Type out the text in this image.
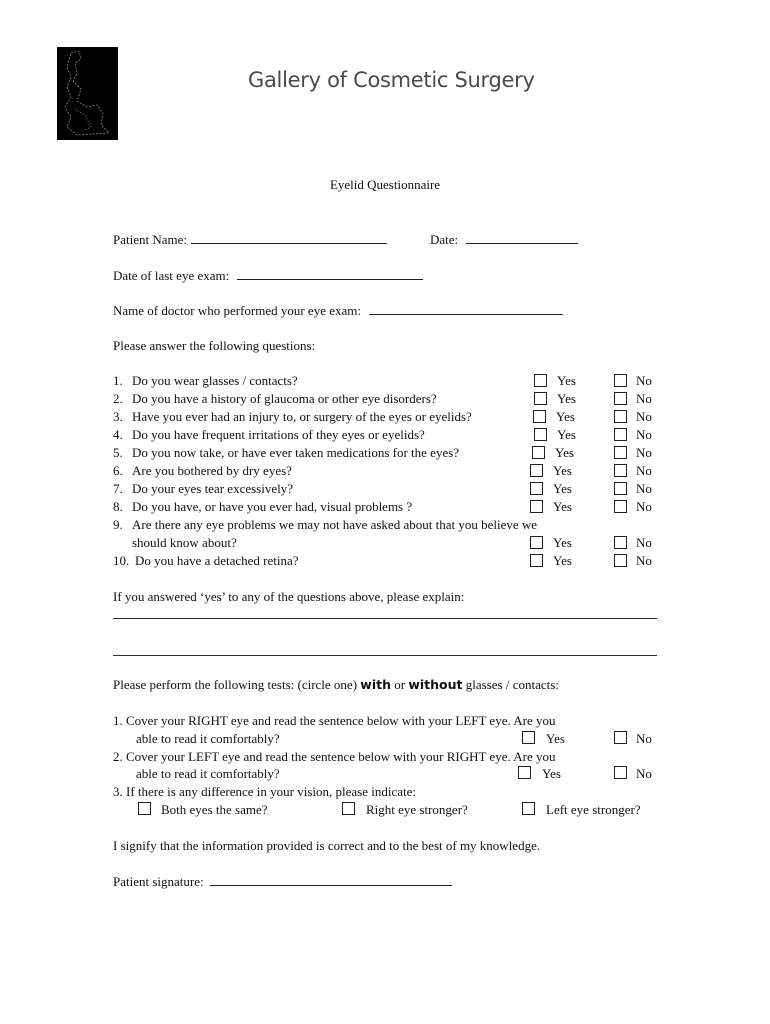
Gallery of Cosmetic Surgery
Eyelid Questionnaire
Patient Name:	Date:
Date of last eye exam:
Name of doctor who performed your eye exam:
Please answer the following questions:
1. Do you wear glasses / contacts?	Yes	No
2. Do you have a history of glaucoma or other eye disorders?	Yes	No
3. Have you ever had an injury to, or surgery of the eyes or eyelids?	Yes	No
4. Do you have frequent irritations of they eyes or eyelids?	Yes	No
5. Do you now take, or have ever taken medications for the eyes?	Yes	No
6. Are you bothered by dry eyes?	Yes	No
7. Do your eyes tear excessively?	Yes	No
8. Do you have, or have you ever had, visual problems ?	Yes	No
9. Are there any eye problems we may not have asked about that you believe we
should know about?	Yes	No
10. Do you have a detached retina?	Yes	No
If you answered ‘yes’ to any of the questions above, please explain:
Please perform the following tests: (circle one) with or without glasses / contacts:
1. Cover your RIGHT eye and read the sentence below with your LEFT eye. Are you
able to read it comfortably?	Yes	No
2. Cover your LEFT eye and read the sentence below with your RIGHT eye. Are you
able to read it comfortably?	Yes	No
3. If there is any difference in your vision, please indicate:
Both eyes the same?	Right eye stronger?	Left eye stronger?
I signify that the information provided is correct and to the best of my knowledge.
Patient signature:
